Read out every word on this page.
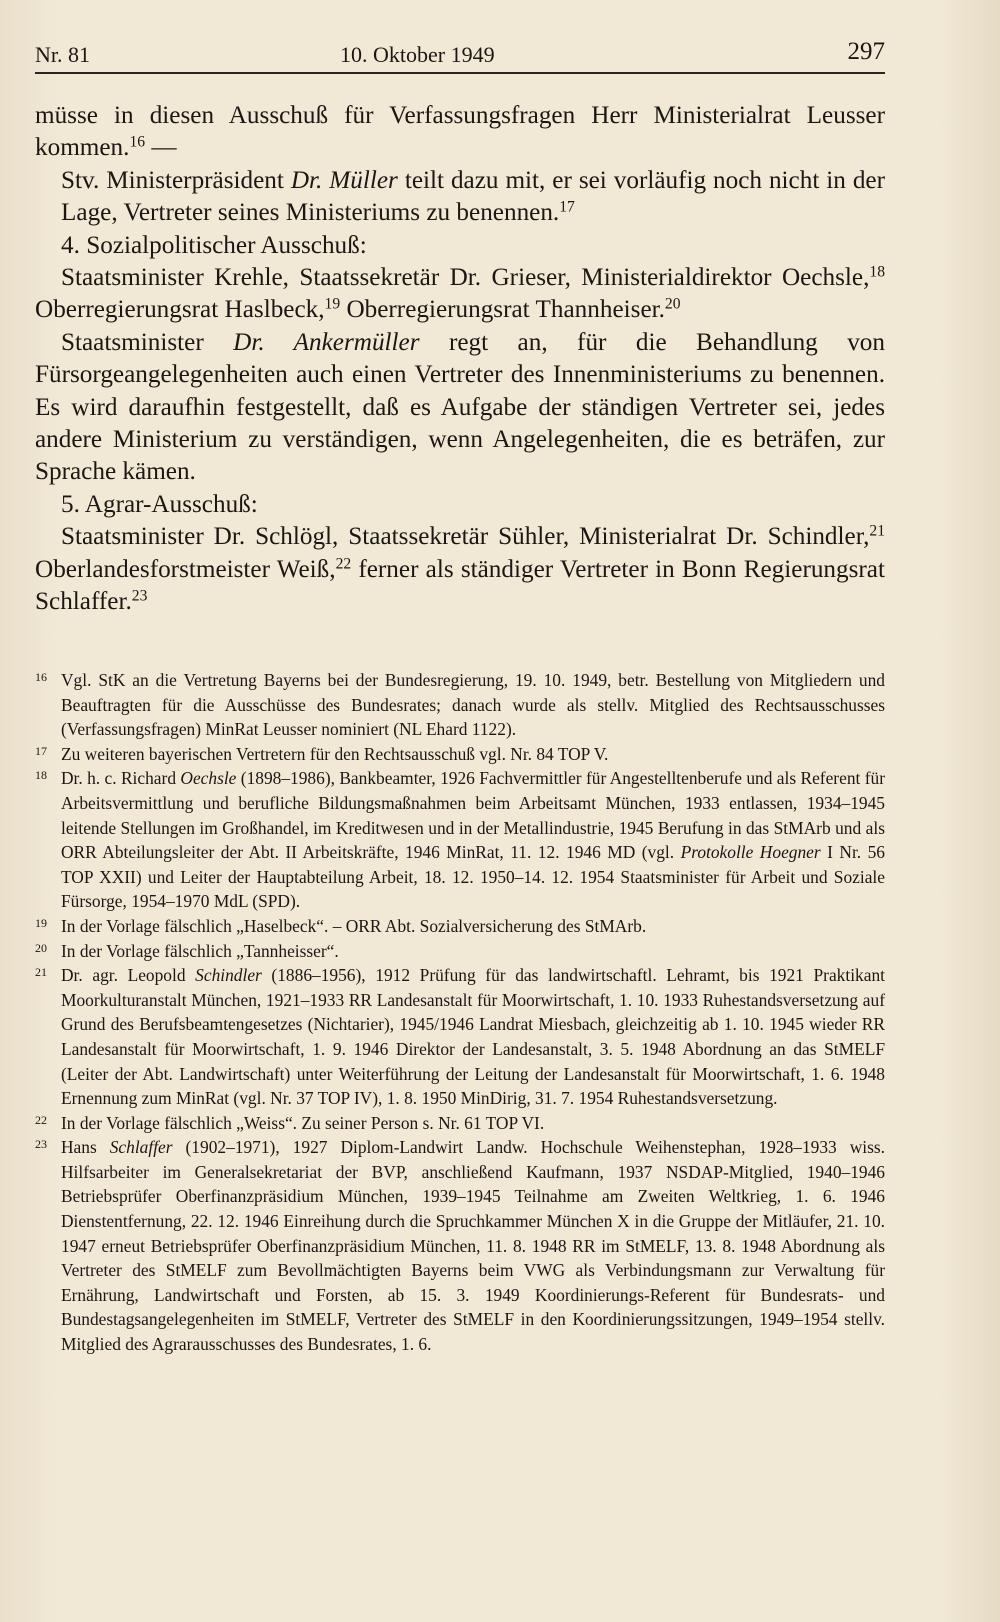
Nr. 81	10. Oktober 1949	297

müsse in diesen Ausschuß für Verfassungsfragen Herr Ministerialrat Leusser kommen.$^{16}$ —

Stv. Ministerpräsident Dr. Müller teilt dazu mit, er sei vorläufig noch nicht in der Lage, Vertreter seines Ministeriums zu benennen.$^{17}$

4. Sozialpolitischer Ausschuß:

Staatsminister Krehle, Staatssekretär Dr. Grieser, Ministerialdirektor Oechsle,$^{18}$ Oberregierungsrat Haslbeck,$^{19}$ Oberregierungsrat Thannheiser.$^{20}$

Staatsminister Dr. Ankermüller regt an, für die Behandlung von Fürsorgeangelegenheiten auch einen Vertreter des Innenministeriums zu benennen. Es wird daraufhin festgestellt, daß es Aufgabe der ständigen Vertreter sei, jedes andere Ministerium zu verständigen, wenn Angelegenheiten, die es beträfen, zur Sprache kämen.

5. Agrar-Ausschuß:

Staatsminister Dr. Schlögl, Staatssekretär Sühler, Ministerialrat Dr. Schindler,$^{21}$ Oberlandesforstmeister Weiß,$^{22}$ ferner als ständiger Vertreter in Bonn Regierungsrat Schlaffer.$^{23}$

16 Vgl. StK an die Vertretung Bayerns bei der Bundesregierung, 19. 10. 1949, betr. Bestellung von Mitgliedern und Beauftragten für die Ausschüsse des Bundesrates; danach wurde als stellv. Mitglied des Rechtsausschusses (Verfassungsfragen) MinRat Leusser nominiert (NL Ehard 1122).
17 Zu weiteren bayerischen Vertretern für den Rechtsausschuß vgl. Nr. 84 TOP V.
18 Dr. h. c. Richard Oechsle (1898–1986), Bankbeamter, 1926 Fachvermittler für Angestelltenberufe und als Referent für Arbeitsvermittlung und berufliche Bildungsmaßnahmen beim Arbeitsamt München, 1933 entlassen, 1934–1945 leitende Stellungen im Großhandel, im Kreditwesen und in der Metallindustrie, 1945 Berufung in das StMArb und als ORR Abteilungsleiter der Abt. II Arbeitskräfte, 1946 MinRat, 11. 12. 1946 MD (vgl. Protokolle Hoegner I Nr. 56 TOP XXII) und Leiter der Hauptabteilung Arbeit, 18. 12. 1950–14. 12. 1954 Staatsminister für Arbeit und Soziale Fürsorge, 1954–1970 MdL (SPD).
19 In der Vorlage fälschlich „Haselbeck“. – ORR Abt. Sozialversicherung des StMArb.
20 In der Vorlage fälschlich „Tannheisser“.
21 Dr. agr. Leopold Schindler (1886–1956), 1912 Prüfung für das landwirtschaftl. Lehramt, bis 1921 Praktikant Moorkulturanstalt München, 1921–1933 RR Landesanstalt für Moorwirtschaft, 1. 10. 1933 Ruhestandsversetzung auf Grund des Berufsbeamtengesetzes (Nichtarier), 1945/1946 Landrat Miesbach, gleichzeitig ab 1. 10. 1945 wieder RR Landesanstalt für Moorwirtschaft, 1. 9. 1946 Direktor der Landesanstalt, 3. 5. 1948 Abordnung an das StMELF (Leiter der Abt. Landwirtschaft) unter Weiterführung der Leitung der Landesanstalt für Moorwirtschaft, 1. 6. 1948 Ernennung zum MinRat (vgl. Nr. 37 TOP IV), 1. 8. 1950 MinDirig, 31. 7. 1954 Ruhestandsversetzung.
22 In der Vorlage fälschlich „Weiss“. Zu seiner Person s. Nr. 61 TOP VI.
23 Hans Schlaffer (1902–1971), 1927 Diplom-Landwirt Landw. Hochschule Weihenstephan, 1928–1933 wiss. Hilfsarbeiter im Generalsekretariat der BVP, anschließend Kaufmann, 1937 NSDAP-Mitglied, 1940–1946 Betriebsprüfer Oberfinanzpräsidium München, 1939–1945 Teilnahme am Zweiten Weltkrieg, 1. 6. 1946 Dienstentfernung, 22. 12. 1946 Einreihung durch die Spruchkammer München X in die Gruppe der Mitläufer, 21. 10. 1947 erneut Betriebsprüfer Oberfinanzpräsidium München, 11. 8. 1948 RR im StMELF, 13. 8. 1948 Abordnung als Vertreter des StMELF zum Bevollmächtigten Bayerns beim VWG als Verbindungsmann zur Verwaltung für Ernährung, Landwirtschaft und Forsten, ab 15. 3. 1949 Koordinierungs-Referent für Bundesrats- und Bundestagsangelegenheiten im StMELF, Vertreter des StMELF in den Koordinierungssitzungen, 1949–1954 stellv. Mitglied des Agrarausschusses des Bundesrates, 1. 6.
